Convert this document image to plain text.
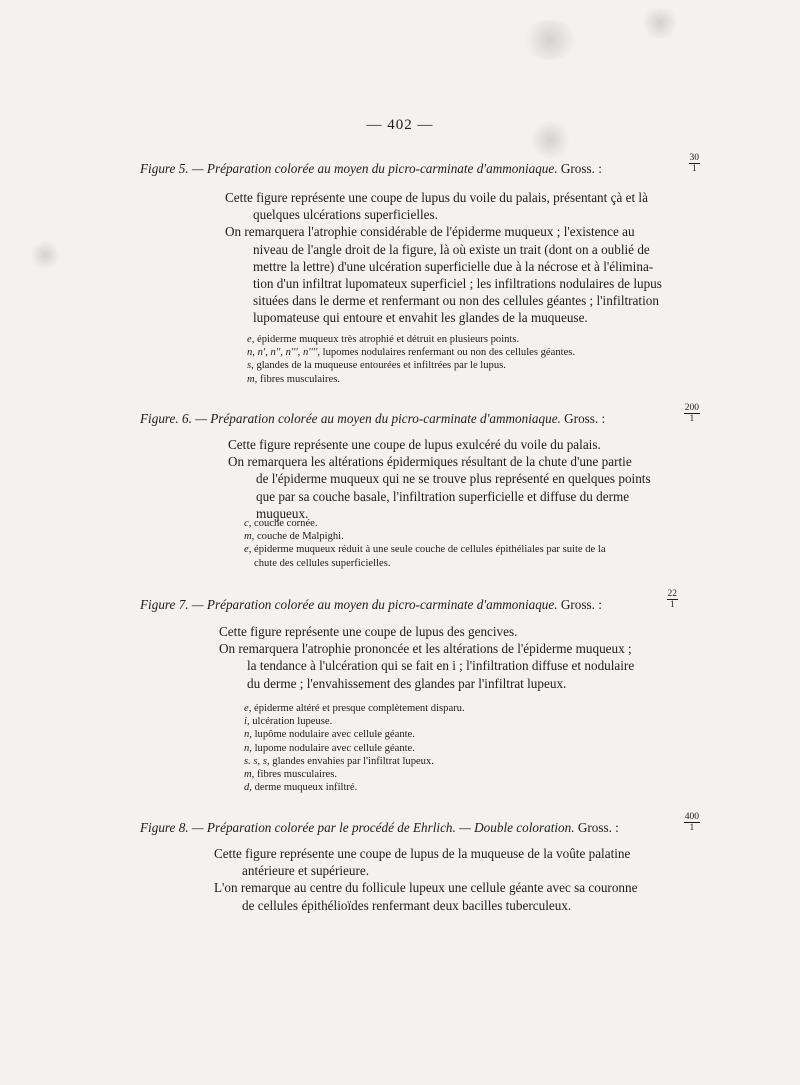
— 402 —
Figure 5. — Préparation colorée au moyen du picro-carminate d'ammoniaque. Gross. :	$\frac{30}{1}$

Cette figure représente une coupe de lupus du voile du palais, présentant çà et là

quelques ulcérations superficielles.

On remarquera l'atrophie considérable de l'épiderme muqueux ; l'existence au

niveau de l'angle droit de la figure, là où existe un trait (dont on a oublié de

mettre la lettre) d'une ulcération superficielle due à la nécrose et à l'élimina-

tion d'un infiltrat lupomateux superficiel ; les infiltrations nodulaires de lupus

situées dans le derme et renfermant ou non des cellules géantes ; l'infiltration

lupomateuse qui entoure et envahit les glandes de la muqueuse.

e, épiderme muqueux très atrophié et détruit en plusieurs points.
n, n', n'', n''', n'''', lupomes nodulaires renfermant ou non des cellules géantes.
s, glandes de la muqueuse entourées et infiltrées par le lupus.
m, fibres musculaires.
Figure. 6. — Préparation colorée au moyen du picro-carminate d'ammoniaque. Gross. :	$\frac{200}{1}$

Cette figure représente une coupe de lupus exulcéré du voile du palais.

On remarquera les altérations épidermiques résultant de la chute d'une partie

de l'épiderme muqueux qui ne se trouve plus représenté en quelques points

que par sa couche basale, l'infiltration superficielle et diffuse du derme

muqueux.

c, couche cornée.
m, couche de Malpighi.
e, épiderme muqueux réduit à une seule couche de cellules épithéliales par suite de la
chute des cellules superficielles.
Figure 7. — Préparation colorée au moyen du picro-carminate d'ammoniaque. Gross. :	$\frac{22}{1}$

Cette figure représente une coupe de lupus des gencives.

On remarquera l'atrophie prononcée et les altérations de l'épiderme muqueux ;

la tendance à l'ulcération qui se fait en i ; l'infiltration diffuse et nodulaire

du derme ; l'envahissement des glandes par l'infiltrat lupeux.

e, épiderme altéré et presque complètement disparu.
i, ulcération lupeuse.
n, lupôme nodulaire avec cellule géante.
n, lupome nodulaire avec cellule géante.
s. s, s, glandes envahies par l'infiltrat lupeux.
m, fibres musculaires.
d, derme muqueux infiltré.
Figure 8. — Préparation colorée par le procédé de Ehrlich. — Double coloration. Gross. :	$\frac{400}{1}$

Cette figure représente une coupe de lupus de la muqueuse de la voûte palatine

antérieure et supérieure.

L'on remarque au centre du follicule lupeux une cellule géante avec sa couronne

de cellules épithélioïdes renfermant deux bacilles tuberculeux.
